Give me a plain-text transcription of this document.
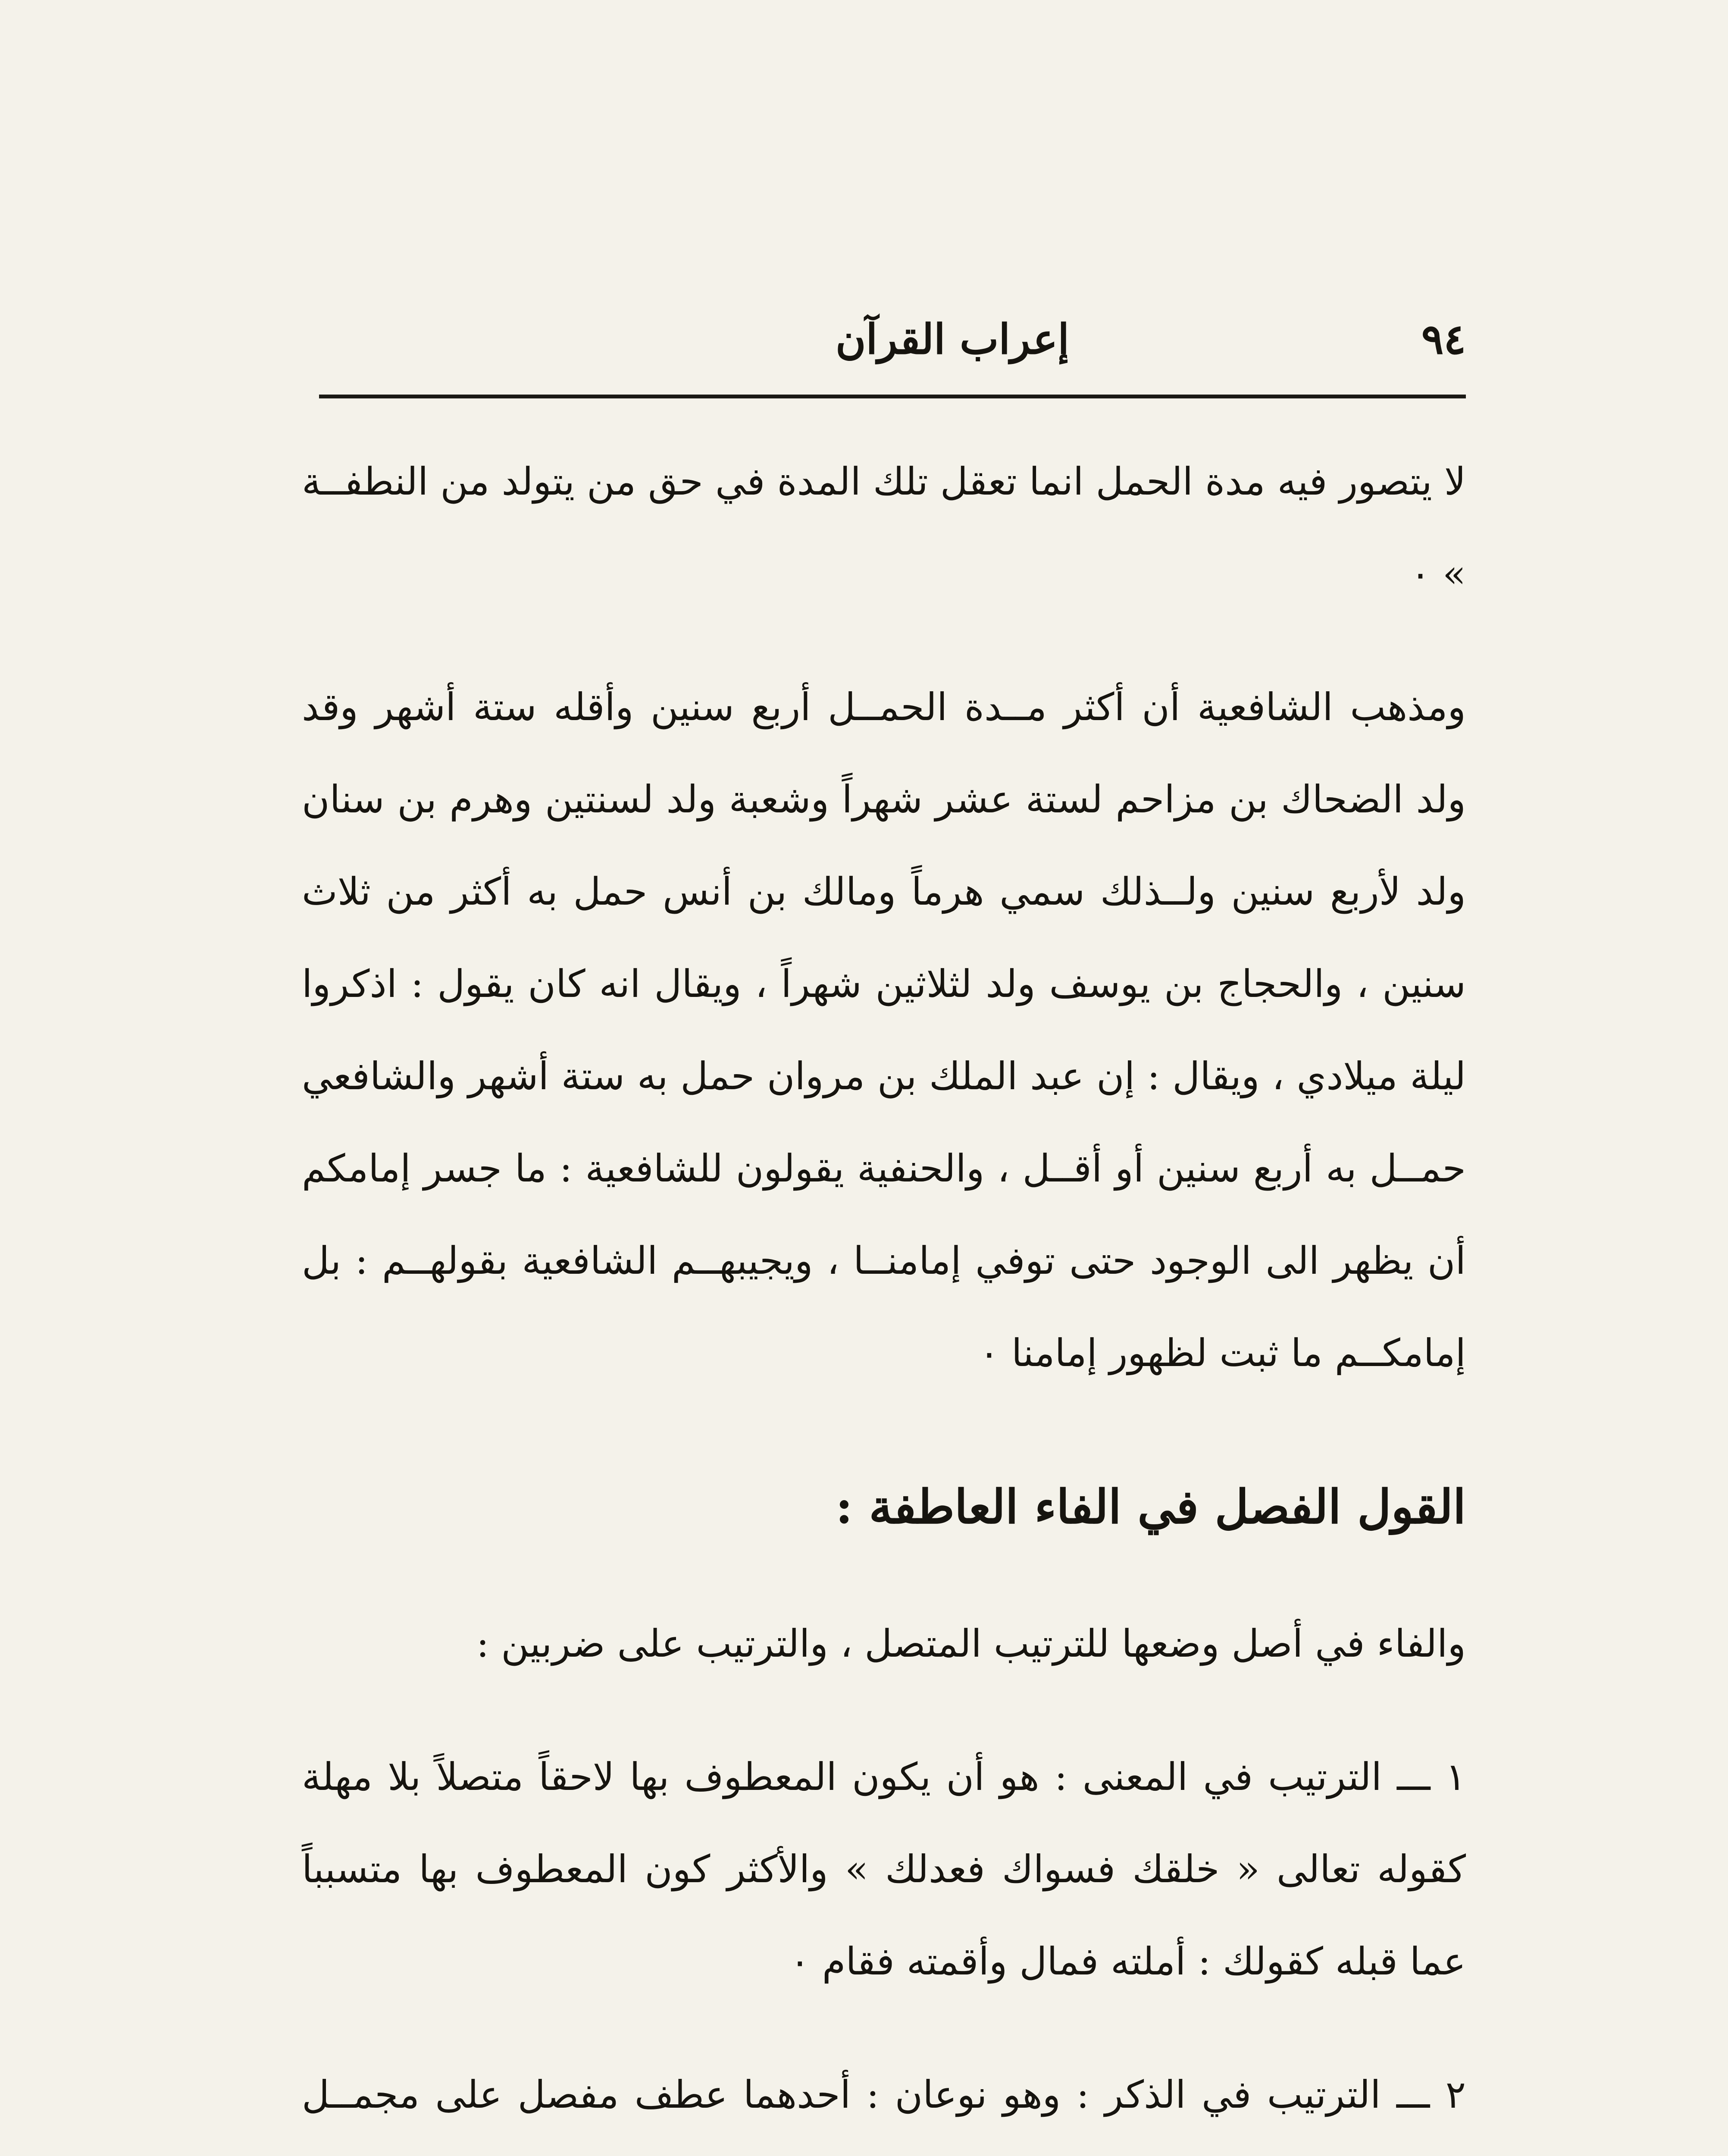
٩٤
إعراب القرآن

لا يتصور فيه مدة الحمل انما تعقل تلك المدة في حق من يتولد من النطفــة » ٠

ومذهب الشافعية أن أكثر مــدة الحمــل أربع سنين وأقله ستة أشهر وقد ولد الضحاك بن مزاحم لستة عشر شهراً وشعبة ولد لسنتين وهرم بن سنان ولد لأربع سنين ولــذلك سمي هرماً ومالك بن أنس حمل به أكثر من ثلاث سنين ، والحجاج بن يوسف ولد لثلاثين شهراً ، ويقال انه كان يقول : اذكروا ليلة ميلادي ، ويقال : إن عبد الملك بن مروان حمل به ستة أشهر والشافعي حمــل به أربع سنين أو أقــل ، والحنفية يقولون للشافعية : ما جسر إمامكم أن يظهر الى الوجود حتى توفي إمامنــا ، ويجيبهــم الشافعية بقولهــم : بل إمامكــم ما ثبت لظهور إمامنا ٠

القول الفصل في الفاء العاطفة :

والفاء في أصل وضعها للترتيب المتصل ، والترتيب على ضربين :

١ ـــ الترتيب في المعنى : هو أن يكون المعطوف بها لاحقاً متصلاً بلا مهلة كقوله تعالى « خلقك فسواك فعدلك » والأكثر كون المعطوف بها متسبباً عما قبله كقولك : أملته فمال وأقمته فقام ٠

٢ ـــ الترتيب في الذكر : وهو نوعان : أحدهما عطف مفصل على مجمــل
